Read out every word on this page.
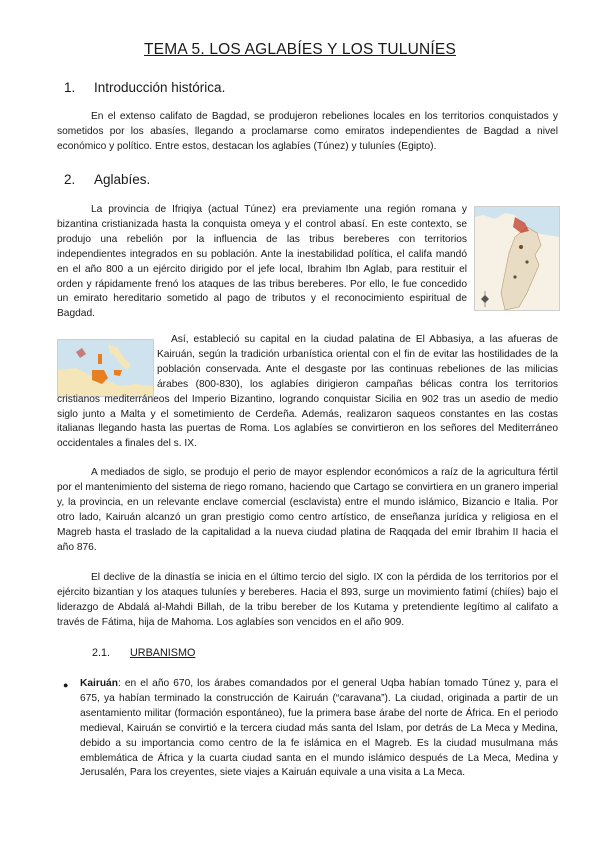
TEMA 5. LOS AGLABÍES Y LOS TULUNÍES
1. Introducción histórica.

En el extenso califato de Bagdad, se produjeron rebeliones locales en los territorios conquistados y sometidos por los abasíes, llegando a proclamarse como emiratos independientes de Bagdad a nivel económico y político. Entre estos, destacan los aglabíes (Túnez) y tuluníes (Egipto).

2. Aglabíes.

La provincia de Ifriqiya (actual Túnez) era previamente una región romana y bizantina cristianizada hasta la conquista omeya y el control abasí. En este contexto, se produjo una rebelión por la influencia de las tribus bereberes con territorios independientes integrados en su población. Ante la inestabilidad política, el califa mandó en el año 800 a un ejército dirigido por el jefe local, Ibrahim Ibn Aglab, para restituir el orden y rápidamente frenó los ataques de las tribus bereberes. Por ello, le fue concedido un emirato hereditario sometido al pago de tributos y el reconocimiento espiritual de Bagdad.

Así, estableció su capital en la ciudad palatina de El Abbasiya, a las afueras de Kairuán, según la tradición urbanística oriental con el fin de evitar las hostilidades de la población conservada. Ante el desgaste por las continuas rebeliones de las milicias árabes (800-830), los aglabíes dirigieron campañas bélicas contra los territorios cristianos mediterráneos del Imperio Bizantino, logrando conquistar Sicilia en 902 tras un asedio de medio siglo junto a Malta y el sometimiento de Cerdeña. Además, realizaron saqueos constantes en las costas italianas llegando hasta las puertas de Roma. Los aglabíes se convirtieron en los señores del Mediterráneo occidentales a finales del s. IX.

A mediados de siglo, se produjo el perio de mayor esplendor económicos a raíz de la agricultura fértil por el mantenimiento del sistema de riego romano, haciendo que Cartago se convirtiera en un granero imperial y, la provincia, en un relevante enclave comercial (esclavista) entre el mundo islámico, Bizancio e Italia. Por otro lado, Kairuán alcanzó un gran prestigio como centro artístico, de enseñanza jurídica y religiosa en el Magreb hasta el traslado de la capitalidad a la nueva ciudad platina de Raqqada del emir Ibrahim II hacia el año 876.

El declive de la dinastía se inicia en el último tercio del siglo. IX con la pérdida de los territorios por el ejército bizantian y los ataques tuluníes y bereberes. Hacia el 893, surge un movimiento fatimí (chiíes) bajo el liderazgo de Abdalá al-Mahdi Billah, de la tribu bereber de los Kutama y pretendiente legítimo al califato a través de Fátima, hija de Mahoma. Los aglabíes son vencidos en el año 909.

2.1. URBANISMO
● Kairuán: en el año 670, los árabes comandados por el general Uqba habían tomado Túnez y, para el 675, ya habían terminado la construcción de Kairuán (“caravana”). La ciudad, originada a partir de un asentamiento militar (formación espontáneo), fue la primera base árabe del norte de África. En el periodo medieval, Kairuán se convirtió e la tercera ciudad más santa del Islam, por detrás de La Meca y Medina, debido a su importancia como centro de la fe islámica en el Magreb. Es la ciudad musulmana más emblemática de África y la cuarta ciudad santa en el mundo islámico después de La Meca, Medina y Jerusalén, Para los creyentes, siete viajes a Kairuán equivale a una visita a La Meca.
